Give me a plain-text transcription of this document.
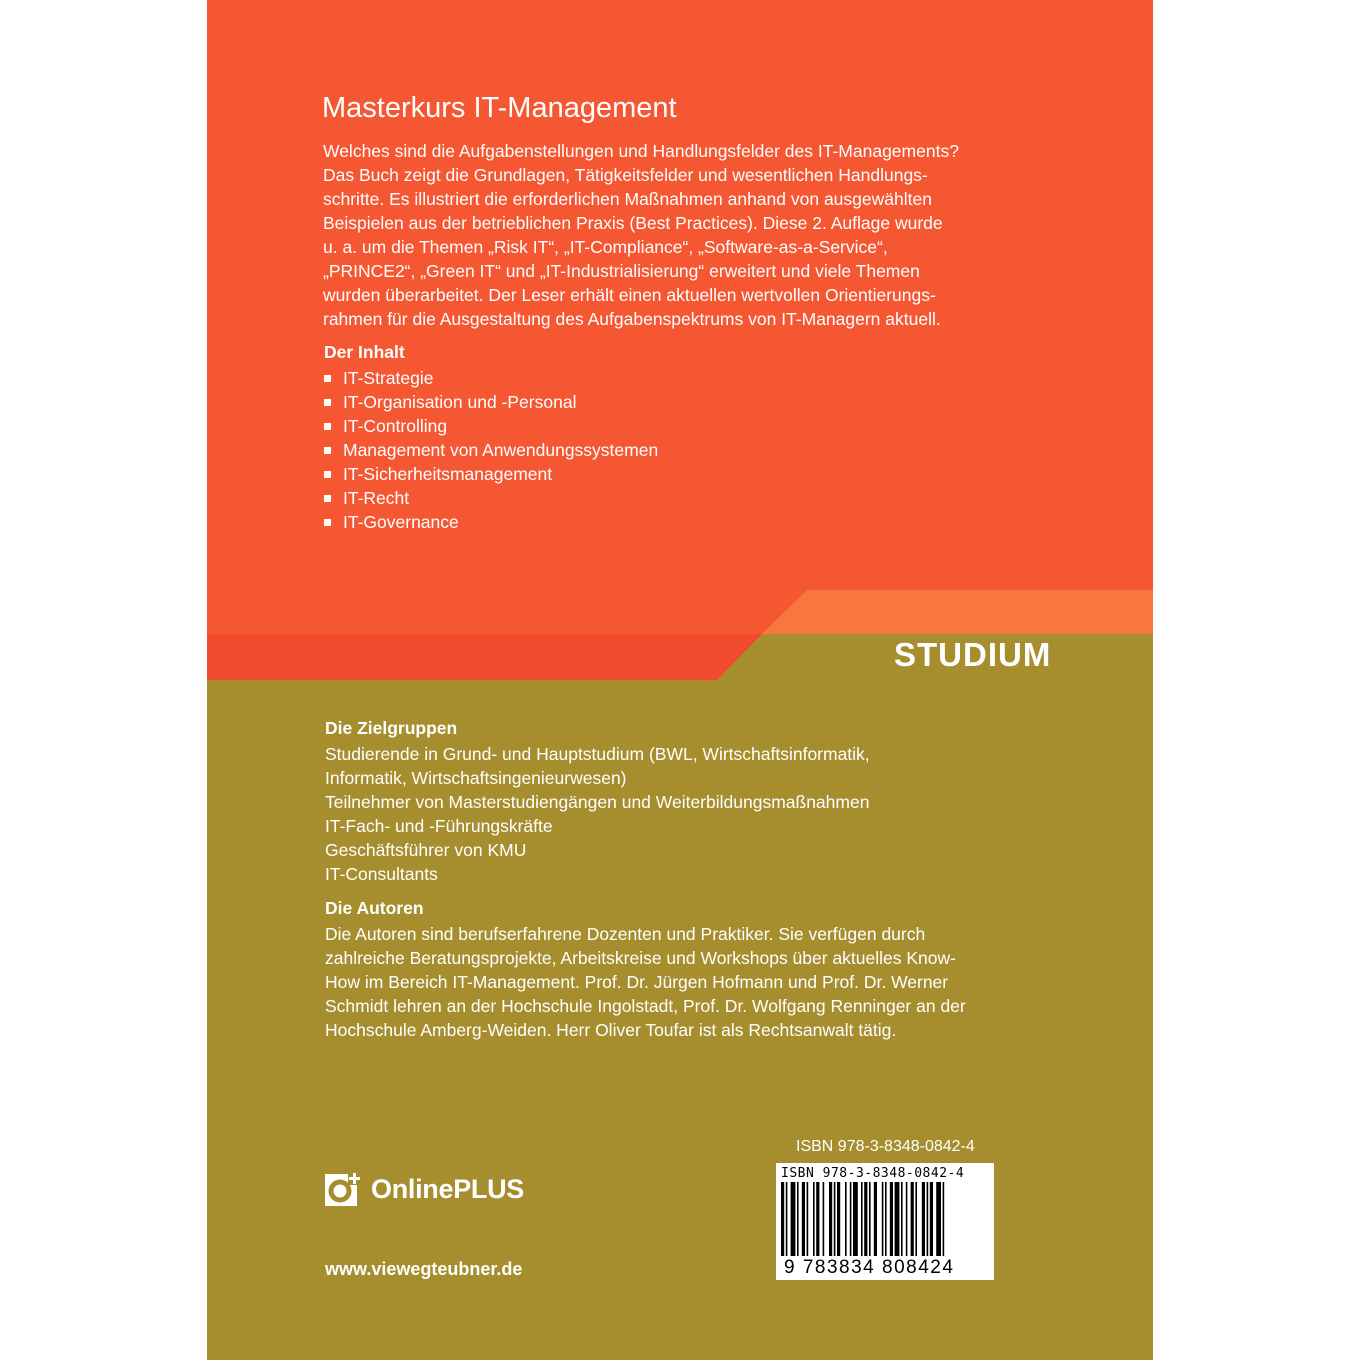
STUDIUM
Masterkurs IT-Management
Welches sind die Aufgabenstellungen und Handlungsfelder des IT-Managements?
Das Buch zeigt die Grundlagen, Tätigkeitsfelder und wesentlichen Handlungs-
schritte. Es illustriert die erforderlichen Maßnahmen anhand von ausgewählten
Beispielen aus der betrieblichen Praxis (Best Practices). Diese 2. Auflage wurde
u. a. um die Themen „Risk IT“, „IT-Compliance“, „Software-as-a-Service“,
„PRINCE2“, „Green IT“ und „IT-Industrialisierung“ erweitert und viele Themen
wurden überarbeitet. Der Leser erhält einen aktuellen wertvollen Orientierungs-
rahmen für die Ausgestaltung des Aufgabenspektrums von IT-Managern aktuell.
Der Inhalt
IT-Strategie
IT-Organisation und -Personal
IT-Controlling
Management von Anwendungssystemen
IT-Sicherheitsmanagement
IT-Recht
IT-Governance
Die Zielgruppen
Studierende in Grund- und Hauptstudium (BWL, Wirtschaftsinformatik,
Informatik, Wirtschaftsingenieurwesen)
Teilnehmer von Masterstudiengängen und Weiterbildungsmaßnahmen
IT-Fach- und -Führungskräfte
Geschäftsführer von KMU
IT-Consultants
Die Autoren
Die Autoren sind berufserfahrene Dozenten und Praktiker. Sie verfügen durch
zahlreiche Beratungsprojekte, Arbeitskreise und Workshops über aktuelles Know-
How im Bereich IT-Management. Prof. Dr. Jürgen Hofmann und Prof. Dr. Werner
Schmidt lehren an der Hochschule Ingolstadt, Prof. Dr. Wolfgang Renninger an der
Hochschule Amberg-Weiden. Herr Oliver Toufar ist als Rechtsanwalt tätig.
ISBN 978-3-8348-0842-4
OnlinePLUS
www.viewegteubner.de
ISBN 978-3-8348-0842-4
9 783834 808424
